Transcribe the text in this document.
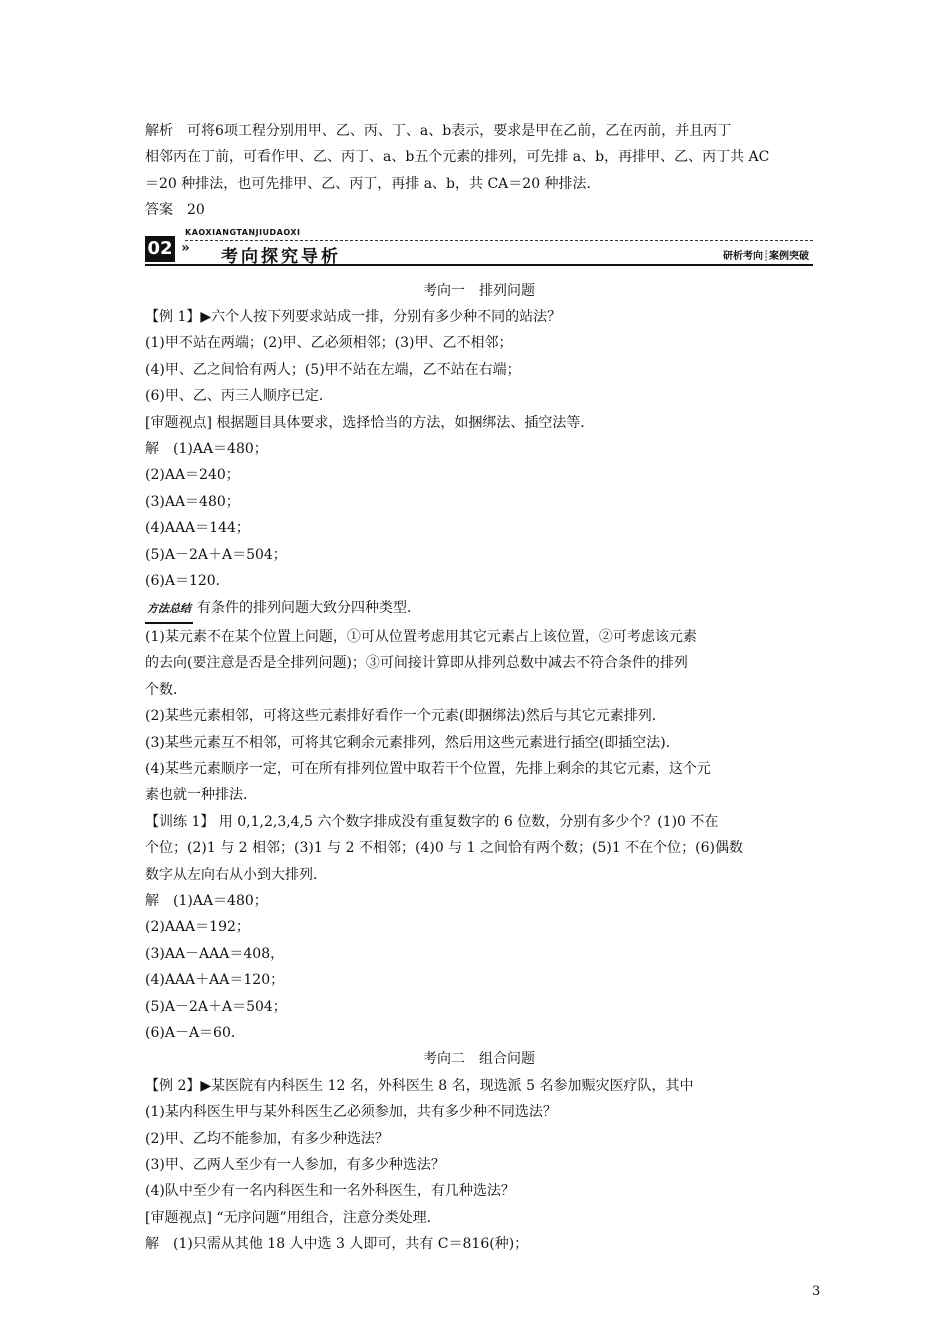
解析　可将6项工程分别用甲、乙、丙、丁、a、b表示，要求是甲在乙前，乙在丙前，并且丙丁
相邻丙在丁前，可看作甲、乙、丙丁、a、b五个元素的排列，可先排 a、b，再排甲、乙、丙丁共 AC
＝20 种排法，也可先排甲、乙、丙丁，再排 a、b，共 CA＝20 种排法．
答案　20
KAOXIANGTANJIUDAOXI
02 » 考向探究导析	研析考向┊案例突破
考向一　排列问题
【例 1】▶六个人按下列要求站成一排，分别有多少种不同的站法？
(1)甲不站在两端；(2)甲、乙必须相邻；(3)甲、乙不相邻；
(4)甲、乙之间恰有两人；(5)甲不站在左端，乙不站在右端；
(6)甲、乙、丙三人顺序已定．
[审题视点] 根据题目具体要求，选择恰当的方法，如捆绑法、插空法等．
解　(1)AA＝480；
(2)AA＝240；
(3)AA＝480；
(4)AAA＝144；
(5)A－2A＋A＝504；
(6)A＝120．
方法总结 有条件的排列问题大致分四种类型．
(1)某元素不在某个位置上问题，①可从位置考虑用其它元素占上该位置，②可考虑该元素
的去向(要注意是否是全排列问题)；③可间接计算即从排列总数中减去不符合条件的排列
个数．
(2)某些元素相邻，可将这些元素排好看作一个元素(即捆绑法)然后与其它元素排列．
(3)某些元素互不相邻，可将其它剩余元素排列，然后用这些元素进行插空(即插空法)．
(4)某些元素顺序一定，可在所有排列位置中取若干个位置，先排上剩余的其它元素，这个元
素也就一种排法．
【训练 1】 用 0,1,2,3,4,5 六个数字排成没有重复数字的 6 位数，分别有多少个？(1)0 不在
个位；(2)1 与 2 相邻；(3)1 与 2 不相邻；(4)0 与 1 之间恰有两个数；(5)1 不在个位；(6)偶数
数字从左向右从小到大排列．
解　(1)AA＝480；
(2)AAA＝192；
(3)AA－AAA＝408，
(4)AAA＋AA＝120；
(5)A－2A＋A＝504；
(6)A－A＝60．
考向二　组合问题
【例 2】▶某医院有内科医生 12 名，外科医生 8 名，现选派 5 名参加赈灾医疗队，其中
(1)某内科医生甲与某外科医生乙必须参加，共有多少种不同选法？
(2)甲、乙均不能参加，有多少种选法？
(3)甲、乙两人至少有一人参加，有多少种选法？
(4)队中至少有一名内科医生和一名外科医生，有几种选法？
[审题视点] “无序问题”用组合，注意分类处理．
解　(1)只需从其他 18 人中选 3 人即可，共有 C＝816(种)；
3
